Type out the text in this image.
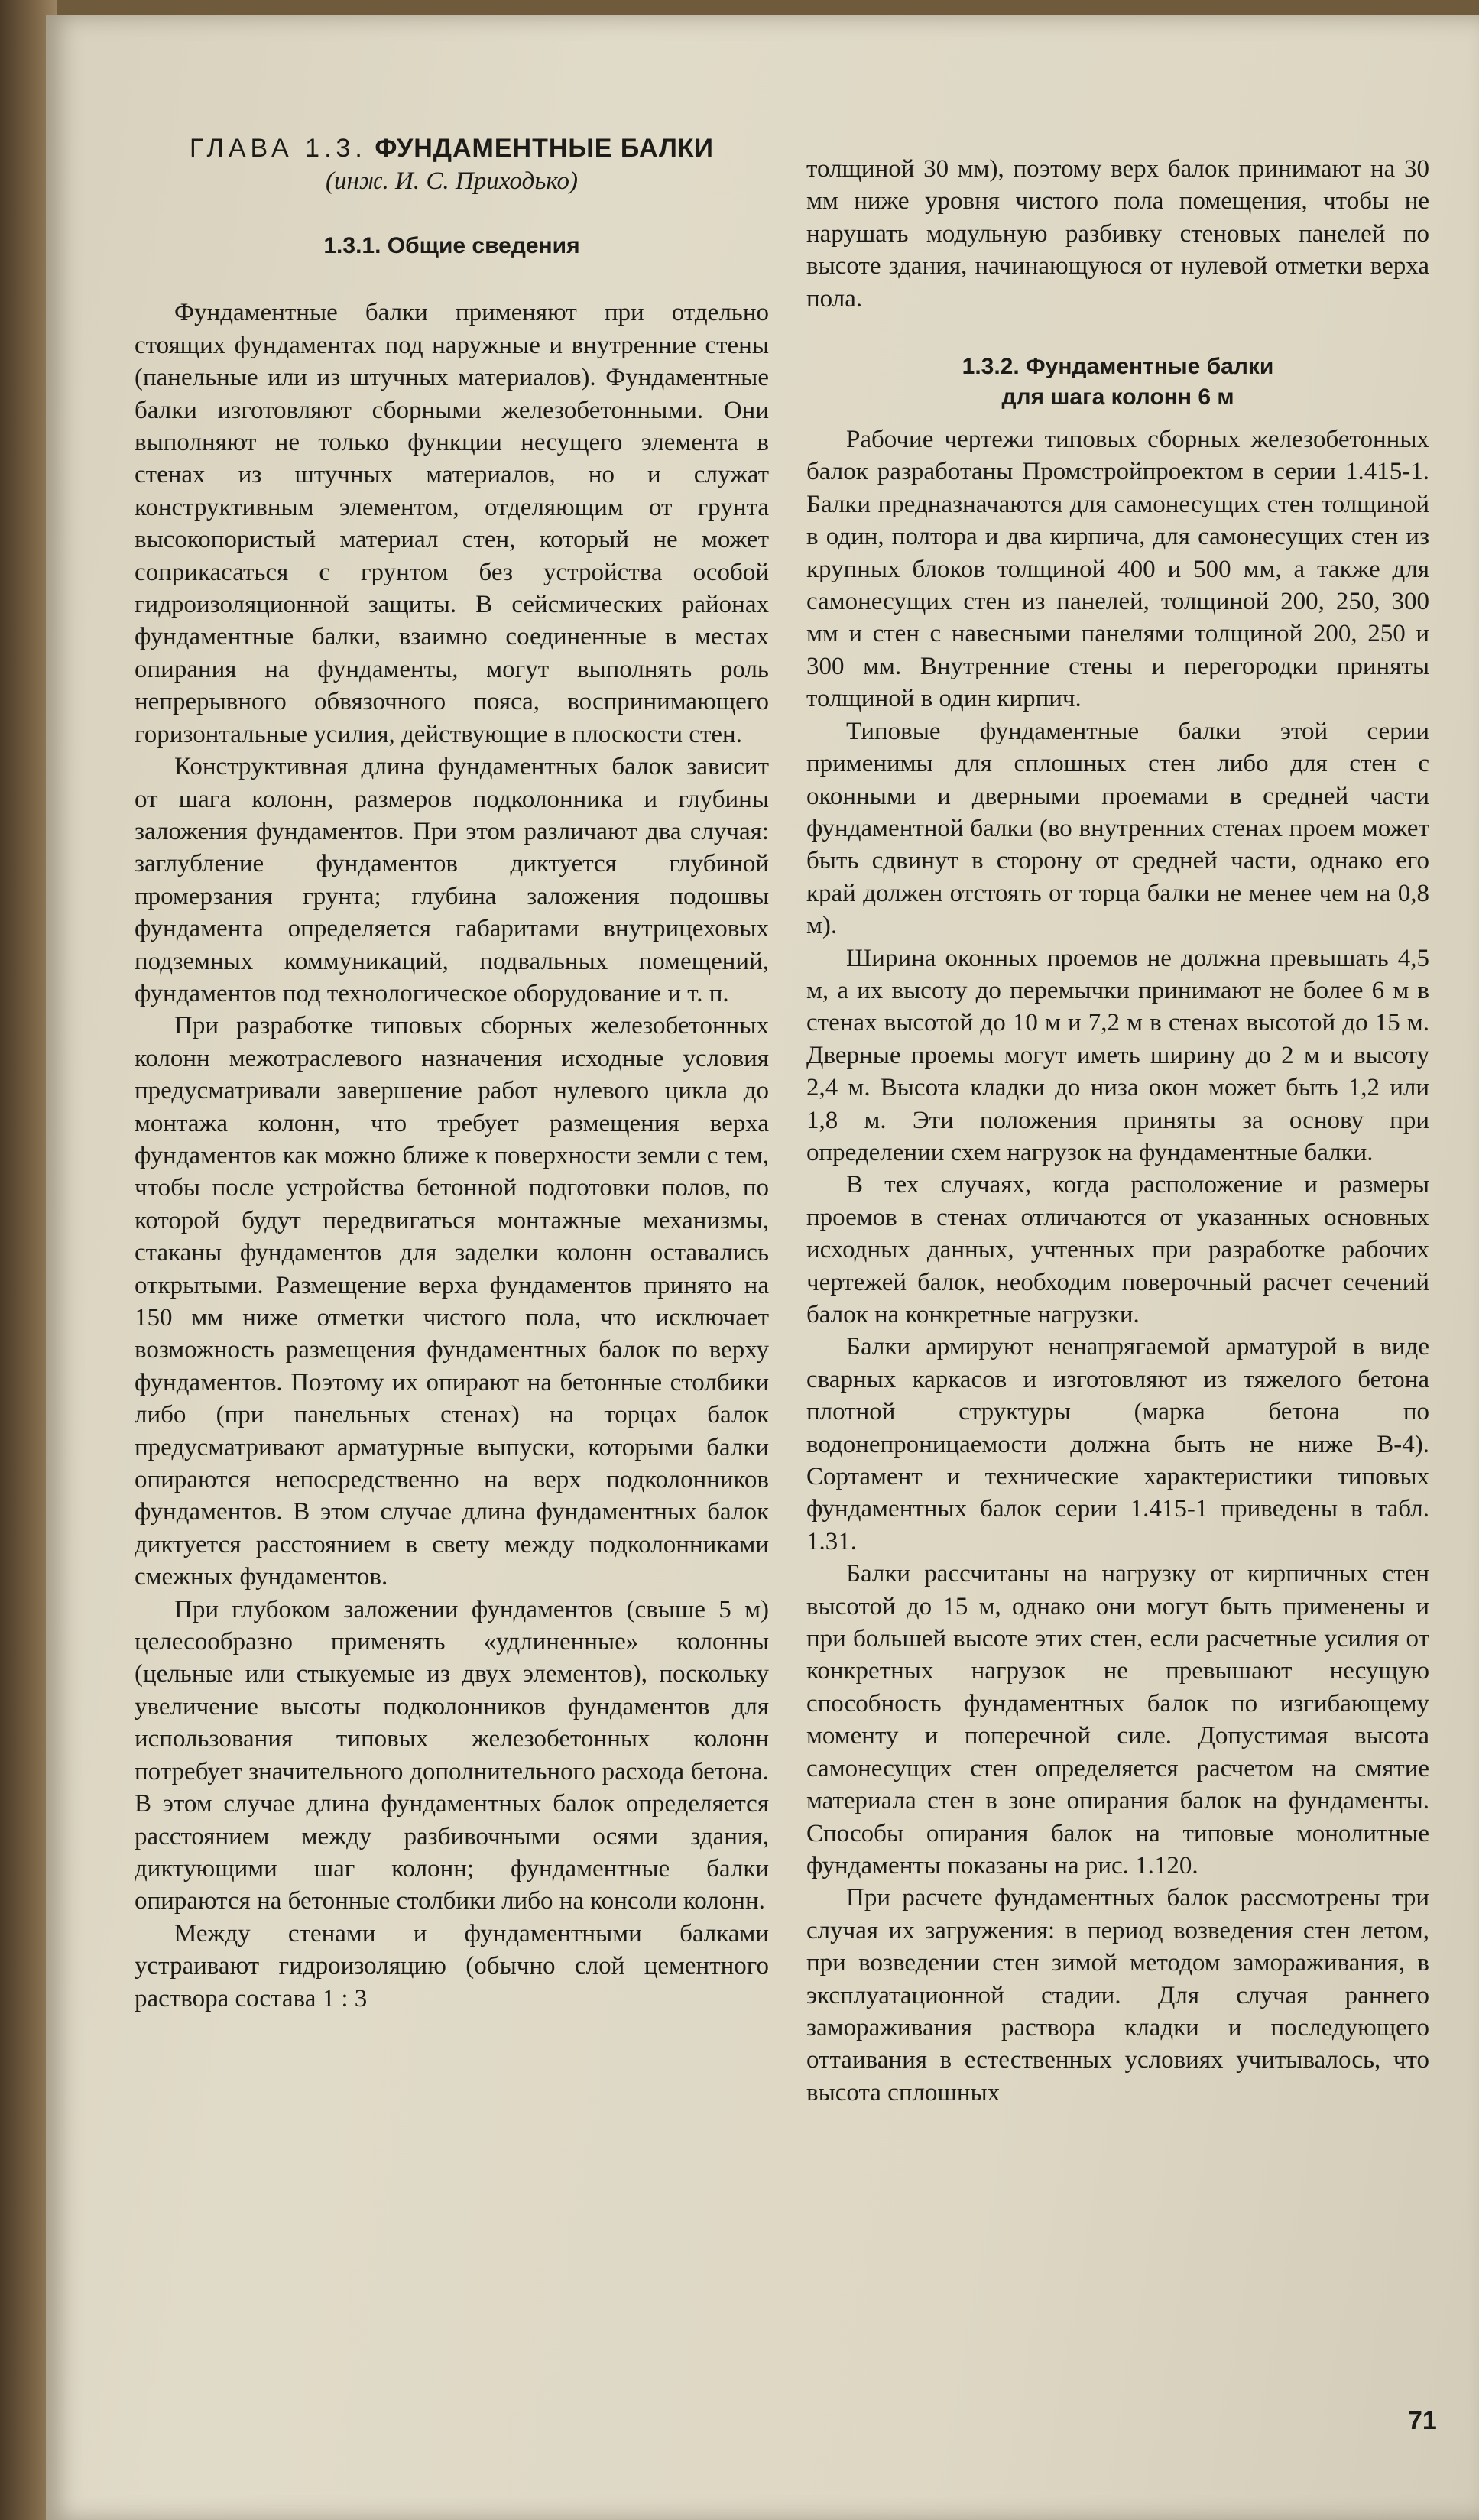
ГЛАВА 1.3. ФУНДАМЕНТНЫЕ БАЛКИ
(инж. И. С. Приходько)
1.3.1. Общие сведения

Фундаментные балки применяют при отдельно стоящих фундаментах под наружные и внутренние стены (панельные или из штучных материалов). Фундаментные балки изготовляют сборными железобетонными. Они выполняют не только функции несущего элемента в стенах из штучных материалов, но и служат конструктивным элементом, отделяющим от грунта высокопористый материал стен, который не может соприкасаться с грунтом без устройства особой гидроизоляционной защиты. В сейсмических районах фундаментные балки, взаимно соединенные в местах опирания на фундаменты, могут выполнять роль непрерывного обвязочного пояса, воспринимающего горизонтальные усилия, действующие в плоскости стен.

Конструктивная длина фундаментных балок зависит от шага колонн, размеров подколонника и глубины заложения фундаментов. При этом различают два случая: заглубление фундаментов диктуется глубиной промерзания грунта; глубина заложения подошвы фундамента определяется габаритами внутрицеховых подземных коммуникаций, подвальных помещений, фундаментов под технологическое оборудование и т. п.

При разработке типовых сборных железобетонных колонн межотраслевого назначения исходные условия предусматривали завершение работ нулевого цикла до монтажа колонн, что требует размещения верха фундаментов как можно ближе к поверхности земли с тем, чтобы после устройства бетонной подготовки полов, по которой будут передвигаться монтажные механизмы, стаканы фундаментов для заделки колонн оставались открытыми. Размещение верха фундаментов принято на 150 мм ниже отметки чистого пола, что исключает возможность размещения фундаментных балок по верху фундаментов. Поэтому их опирают на бетонные столбики либо (при панельных стенах) на торцах балок предусматривают арматурные выпуски, которыми балки опираются непосредственно на верх подколонников фундаментов. В этом случае длина фундаментных балок диктуется расстоянием в свету между подколонниками смежных фундаментов.

При глубоком заложении фундаментов (свыше 5 м) целесообразно применять «удлиненные» колонны (цельные или стыкуемые из двух элементов), поскольку увеличение высоты подколонников фундаментов для использования типовых железобетонных колонн потребует значительного дополнительного расхода бетона. В этом случае длина фундаментных балок определяется расстоянием между разбивочными осями здания, диктующими шаг колонн; фундаментные балки опираются на бетонные столбики либо на консоли колонн.

Между стенами и фундаментными балками устраивают гидроизоляцию (обычно слой цементного раствора состава 1 : 3

толщиной 30 мм), поэтому верх балок принимают на 30 мм ниже уровня чистого пола помещения, чтобы не нарушать модульную разбивку стеновых панелей по высоте здания, начинающуюся от нулевой отметки верха пола.

1.3.2. Фундаментные балки
для шага колонн 6 м

Рабочие чертежи типовых сборных железобетонных балок разработаны Промстройпроектом в серии 1.415-1. Балки предназначаются для самонесущих стен толщиной в один, полтора и два кирпича, для самонесущих стен из крупных блоков толщиной 400 и 500 мм, а также для самонесущих стен из панелей, толщиной 200, 250, 300 мм и стен с навесными панелями толщиной 200, 250 и 300 мм. Внутренние стены и перегородки приняты толщиной в один кирпич.

Типовые фундаментные балки этой серии применимы для сплошных стен либо для стен с оконными и дверными проемами в средней части фундаментной балки (во внутренних стенах проем может быть сдвинут в сторону от средней части, однако его край должен отстоять от торца балки не менее чем на 0,8 м).

Ширина оконных проемов не должна превышать 4,5 м, а их высоту до перемычки принимают не более 6 м в стенах высотой до 10 м и 7,2 м в стенах высотой до 15 м. Дверные проемы могут иметь ширину до 2 м и высоту 2,4 м. Высота кладки до низа окон может быть 1,2 или 1,8 м. Эти положения приняты за основу при определении схем нагрузок на фундаментные балки.

В тех случаях, когда расположение и размеры проемов в стенах отличаются от указанных основных исходных данных, учтенных при разработке рабочих чертежей балок, необходим поверочный расчет сечений балок на конкретные нагрузки.

Балки армируют ненапрягаемой арматурой в виде сварных каркасов и изготовляют из тяжелого бетона плотной структуры (марка бетона по водонепроницаемости должна быть не ниже В-4). Сортамент и технические характеристики типовых фундаментных балок серии 1.415-1 приведены в табл. 1.31.

Балки рассчитаны на нагрузку от кирпичных стен высотой до 15 м, однако они могут быть применены и при большей высоте этих стен, если расчетные усилия от конкретных нагрузок не превышают несущую способность фундаментных балок по изгибающему моменту и поперечной силе. Допустимая высота самонесущих стен определяется расчетом на смятие материала стен в зоне опирания балок на фундаменты. Способы опирания балок на типовые монолитные фундаменты показаны на рис. 1.120.

При расчете фундаментных балок рассмотрены три случая их загружения: в период возведения стен летом, при возведении стен зимой методом замораживания, в эксплуатационной стадии. Для случая раннего замораживания раствора кладки и последующего оттаивания в естественных условиях учитывалось, что высота сплошных

71
